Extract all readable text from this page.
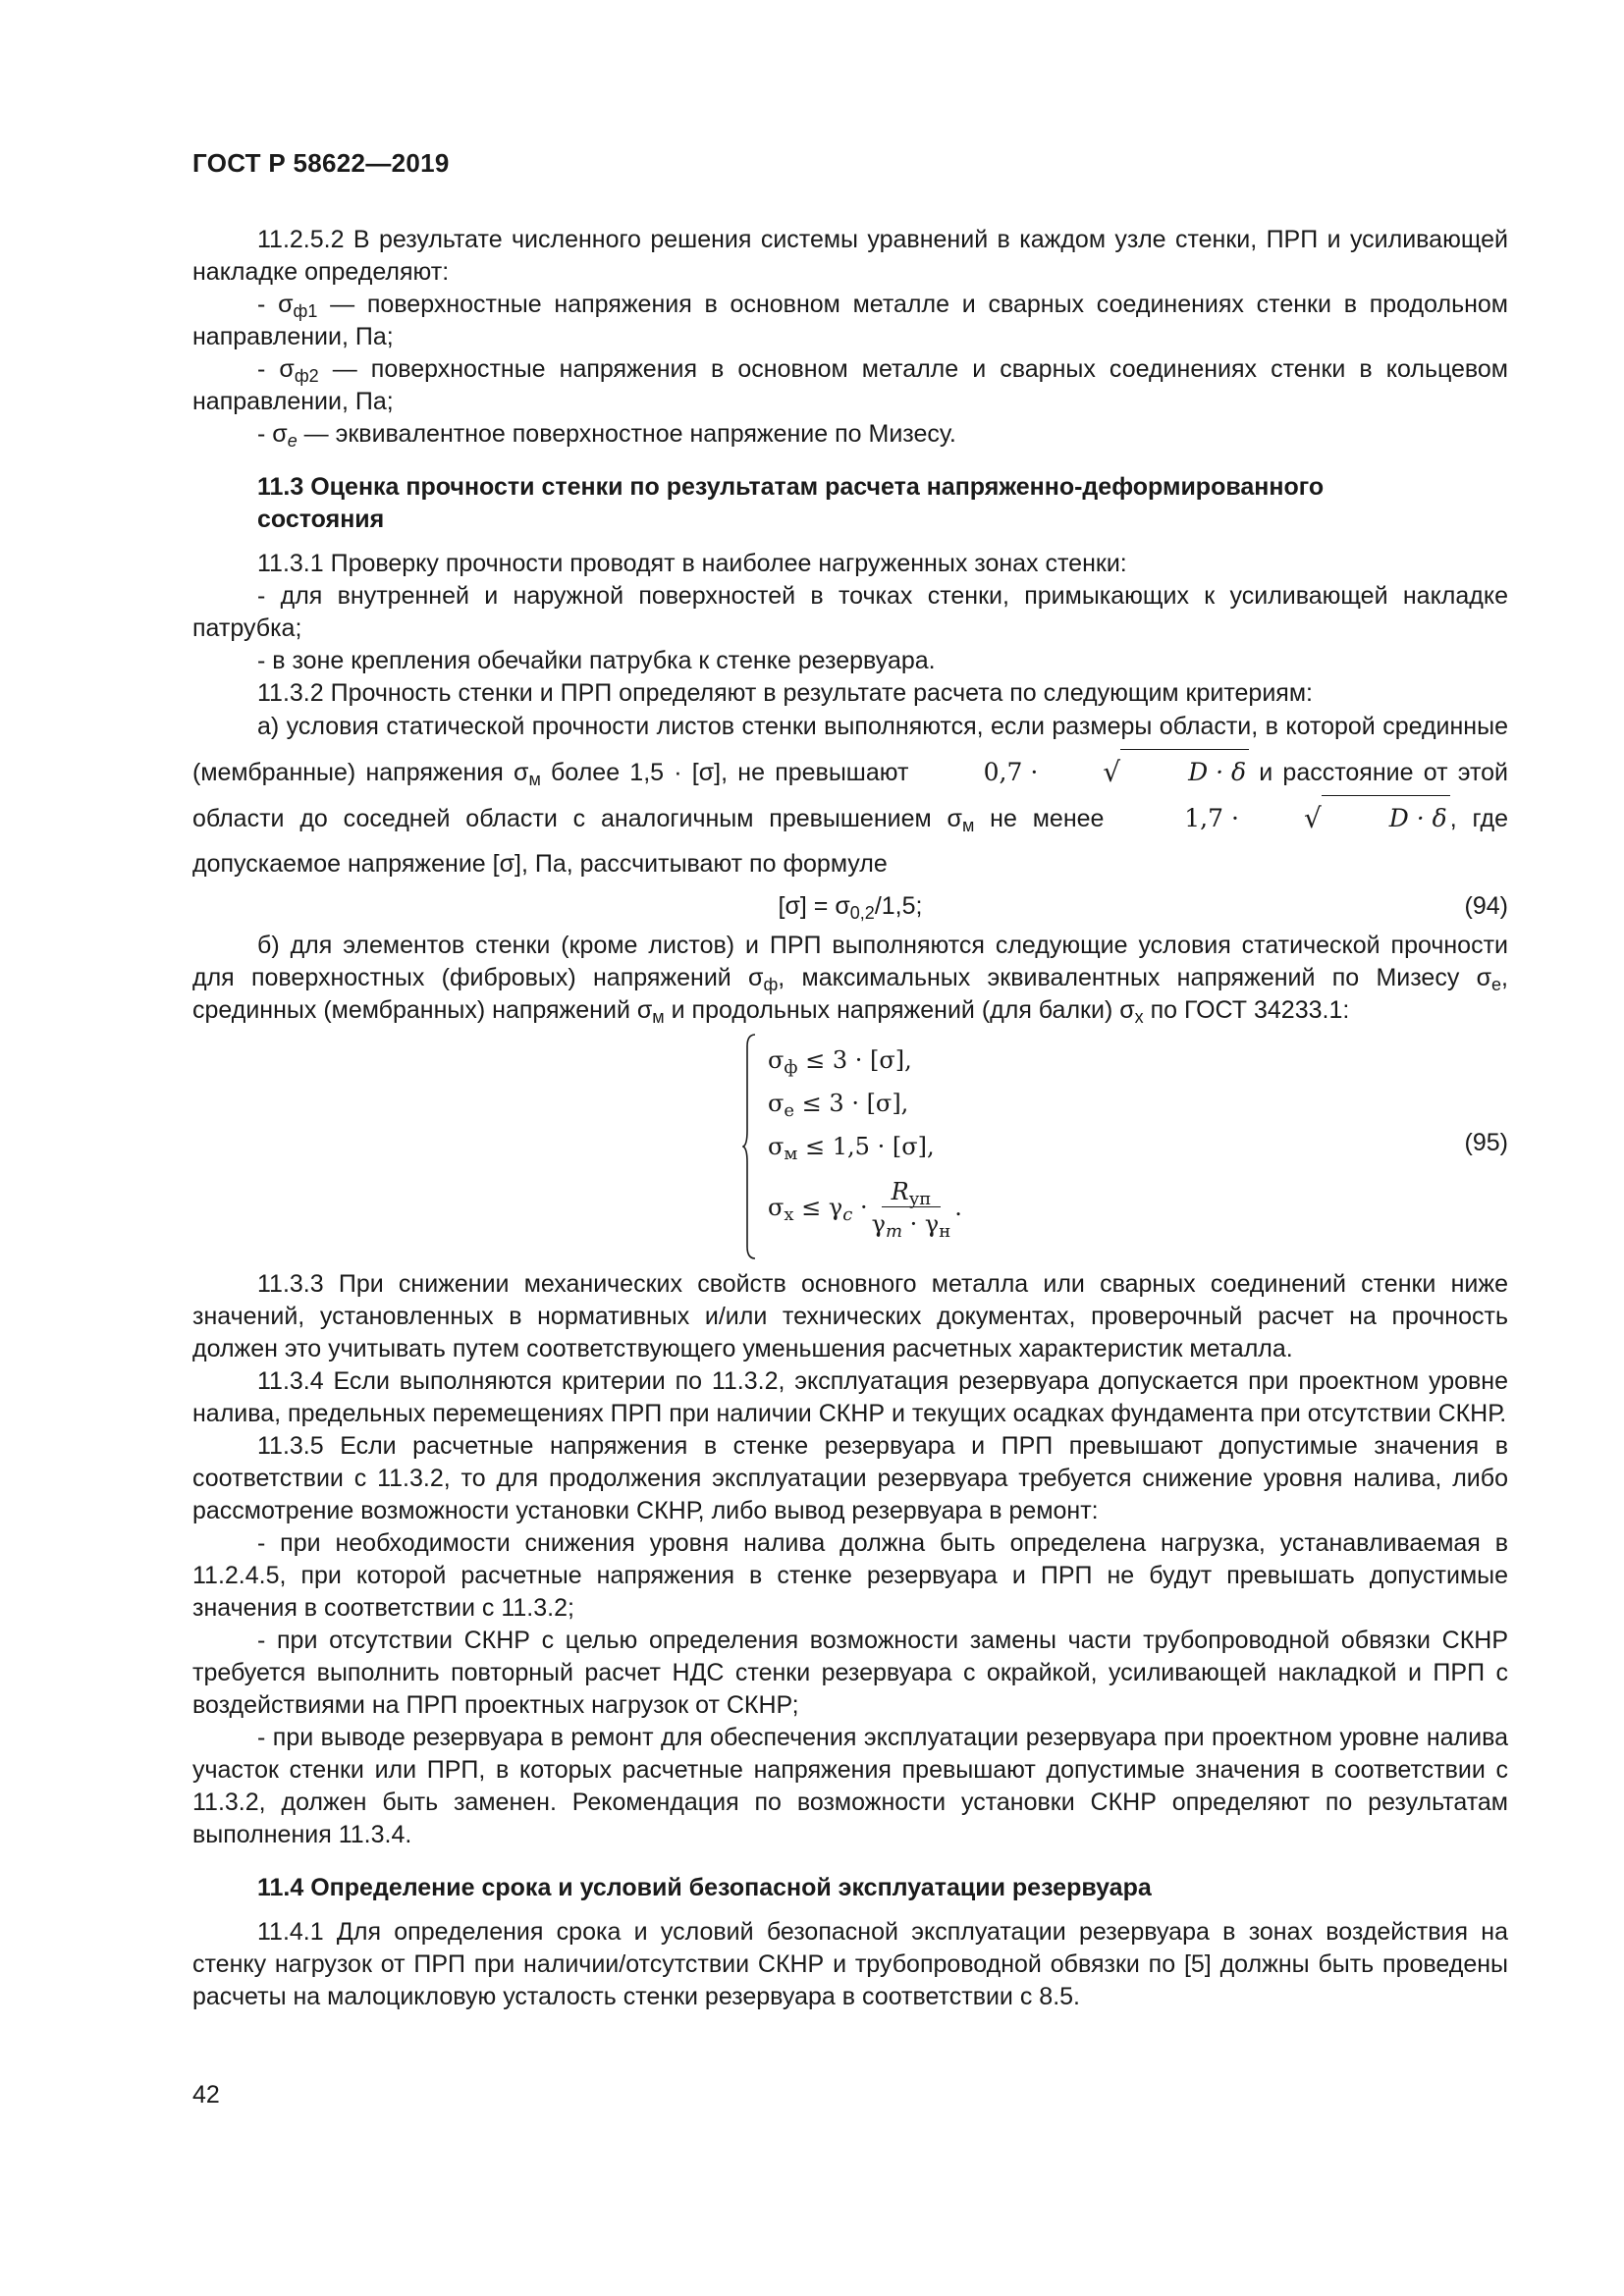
ГОСТ Р 58622—2019

11.2.5.2 В результате численного решения системы уравнений в каждом узле стенки, ПРП и усиливающей накладке определяют:

- $\sigma_{ф1}$ — поверхностные напряжения в основном металле и сварных соединениях стенки в продольном направлении, Па;

- $\sigma_{ф2}$ — поверхностные напряжения в основном металле и сварных соединениях стенки в кольцевом направлении, Па;

- $\sigma_e$ — эквивалентное поверхностное напряжение по Мизесу.

11.3 Оценка прочности стенки по результатам расчета напряженно-деформированного

состояния

11.3.1 Проверку прочности проводят в наиболее нагруженных зонах стенки:

- для внутренней и наружной поверхностей в точках стенки, примыкающих к усиливающей накладке патрубка;

- в зоне крепления обечайки патрубка к стенке резервуара.

11.3.2 Прочность стенки и ПРП определяют в результате расчета по следующим критериям:

а) условия статической прочности листов стенки выполняются, если размеры области, в которой срединные (мембранные) напряжения $\sigma_м$ более 1,5 · [σ], не превышают	0,7 ·	√	D · δ и расстояние от этой области до соседней области с аналогичным превышением $\sigma_м$ не менее	1,7 ·	√	D · δ , где допускаемое напряжение [σ], Па, рассчитывают по формуле

$[\sigma] = \sigma_{0,2}/1,5$;	(94)

б) для элементов стенки (кроме листов) и ПРП выполняются следующие условия статической прочности для поверхностных (фибровых) напряжений $\sigma_ф$, максимальных эквивалентных напряжений по Мизесу $\sigma_e$, срединных (мембранных) напряжений $\sigma_м$ и продольных напряжений (для балки) $\sigma_x$ по ГОСТ 34233.1:

$\sigma_ф \le 3 \cdot [\sigma]$,
$\sigma_e \le 3 \cdot [\sigma]$,
$\sigma_м \le 1,5 \cdot [\sigma]$,
$\sigma_x \le \gamma_c \cdot \frac{R_{уп}}{\gamma_m \cdot \gamma_н}$ .
(95)

11.3.3 При снижении механических свойств основного металла или сварных соединений стенки ниже значений, установленных в нормативных и/или технических документах, проверочный расчет на прочность должен это учитывать путем соответствующего уменьшения расчетных характеристик металла.

11.3.4 Если выполняются критерии по 11.3.2, эксплуатация резервуара допускается при проектном уровне налива, предельных перемещениях ПРП при наличии СКНР и текущих осадках фундамента при отсутствии СКНР.

11.3.5 Если расчетные напряжения в стенке резервуара и ПРП превышают допустимые значения в соответствии с 11.3.2, то для продолжения эксплуатации резервуара требуется снижение уровня налива, либо рассмотрение возможности установки СКНР, либо вывод резервуара в ремонт:

- при необходимости снижения уровня налива должна быть определена нагрузка, устанавливаемая в 11.2.4.5, при которой расчетные напряжения в стенке резервуара и ПРП не будут превышать допустимые значения в соответствии с 11.3.2;

- при отсутствии СКНР с целью определения возможности замены части трубопроводной обвязки СКНР требуется выполнить повторный расчет НДС стенки резервуара с окрайкой, усиливающей накладкой и ПРП с воздействиями на ПРП проектных нагрузок от СКНР;

- при выводе резервуара в ремонт для обеспечения эксплуатации резервуара при проектном уровне налива участок стенки или ПРП, в которых расчетные напряжения превышают допустимые значения в соответствии с 11.3.2, должен быть заменен. Рекомендация по возможности установки СКНР определяют по результатам выполнения 11.3.4.

11.4 Определение срока и условий безопасной эксплуатации резервуара

11.4.1 Для определения срока и условий безопасной эксплуатации резервуара в зонах воздействия на стенку нагрузок от ПРП при наличии/отсутствии СКНР и трубопроводной обвязки по [5] должны быть проведены расчеты на малоцикловую усталость стенки резервуара в соответствии с 8.5.

42
